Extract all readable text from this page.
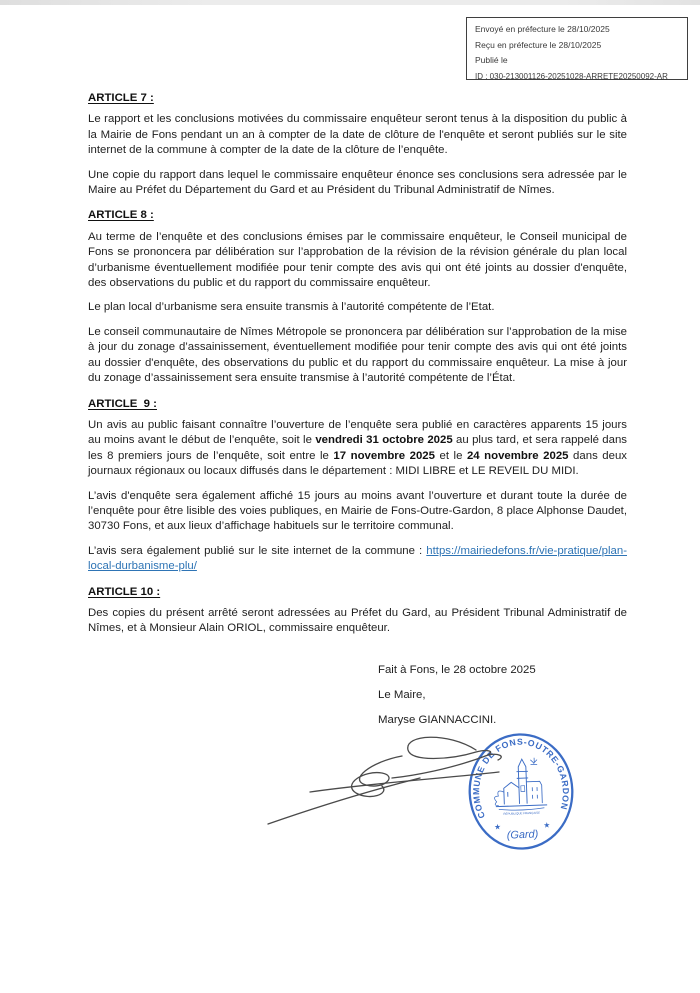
Envoyé en préfecture le 28/10/2025
Reçu en préfecture le 28/10/2025
Publié le
ID : 030-213001126-20251028-ARRETE20250092-AR
ARTICLE 7 :

Le rapport et les conclusions motivées du commissaire enquêteur seront tenus à la disposition du public à la Mairie de Fons pendant un an à compter de la date de clôture de l'enquête et seront publiés sur le site internet de la commune à compter de la date de la clôture de l’enquête.

Une copie du rapport dans lequel le commissaire enquêteur énonce ses conclusions sera adressée par le Maire au Préfet du Département du Gard et au Président du Tribunal Administratif de Nîmes.

ARTICLE 8 :

Au terme de l’enquête et des conclusions émises par le commissaire enquêteur, le Conseil municipal de Fons se prononcera par délibération sur l’approbation de la révision de la révision générale du plan local d’urbanisme éventuellement modifiée pour tenir compte des avis qui ont été joints au dossier d'enquête, des observations du public et du rapport du commissaire enquêteur.

Le plan local d’urbanisme sera ensuite transmis à l’autorité compétente de l’Etat.

Le conseil communautaire de Nîmes Métropole se prononcera par délibération sur l’approbation de la mise à jour du zonage d’assainissement, éventuellement modifiée pour tenir compte des avis qui ont été joints au dossier d'enquête, des observations du public et du rapport du commissaire enquêteur. La mise à jour du zonage d’assainissement sera ensuite transmise à l’autorité compétente de l’État.

ARTICLE  9 :

Un avis au public faisant connaître l’ouverture de l’enquête sera publié en caractères apparents 15 jours au moins avant le début de l’enquête, soit le vendredi 31 octobre 2025 au plus tard, et sera rappelé dans les 8 premiers jours de l’enquête, soit entre le 17 novembre 2025 et le 24 novembre 2025 dans deux journaux régionaux ou locaux diffusés dans le département : MIDI LIBRE et LE REVEIL DU MIDI.

L’avis d'enquête sera également affiché 15 jours au moins avant l’ouverture et durant toute la durée de l’enquête pour être lisible des voies publiques, en Mairie de Fons-Outre-Gardon, 8 place Alphonse Daudet, 30730 Fons, et aux lieux d’affichage habituels sur le territoire communal.

L’avis sera également publié sur le site internet de la commune : https://mairiedefons.fr/vie-pratique/plan-local-durbanisme-plu/

ARTICLE 10 :

Des copies du présent arrêté seront adressées au Préfet du Gard, au Président Tribunal Administratif de Nîmes, et à Monsieur Alain ORIOL, commissaire enquêteur.

Fait à Fons, le 28 octobre 2025

Le Maire,

Maryse GIANNACCINI.

COMMUNE DE FONS-OUTRE-GARDON
★	★
(Gard)
RÉPUBLIQUE FRANÇAISE
